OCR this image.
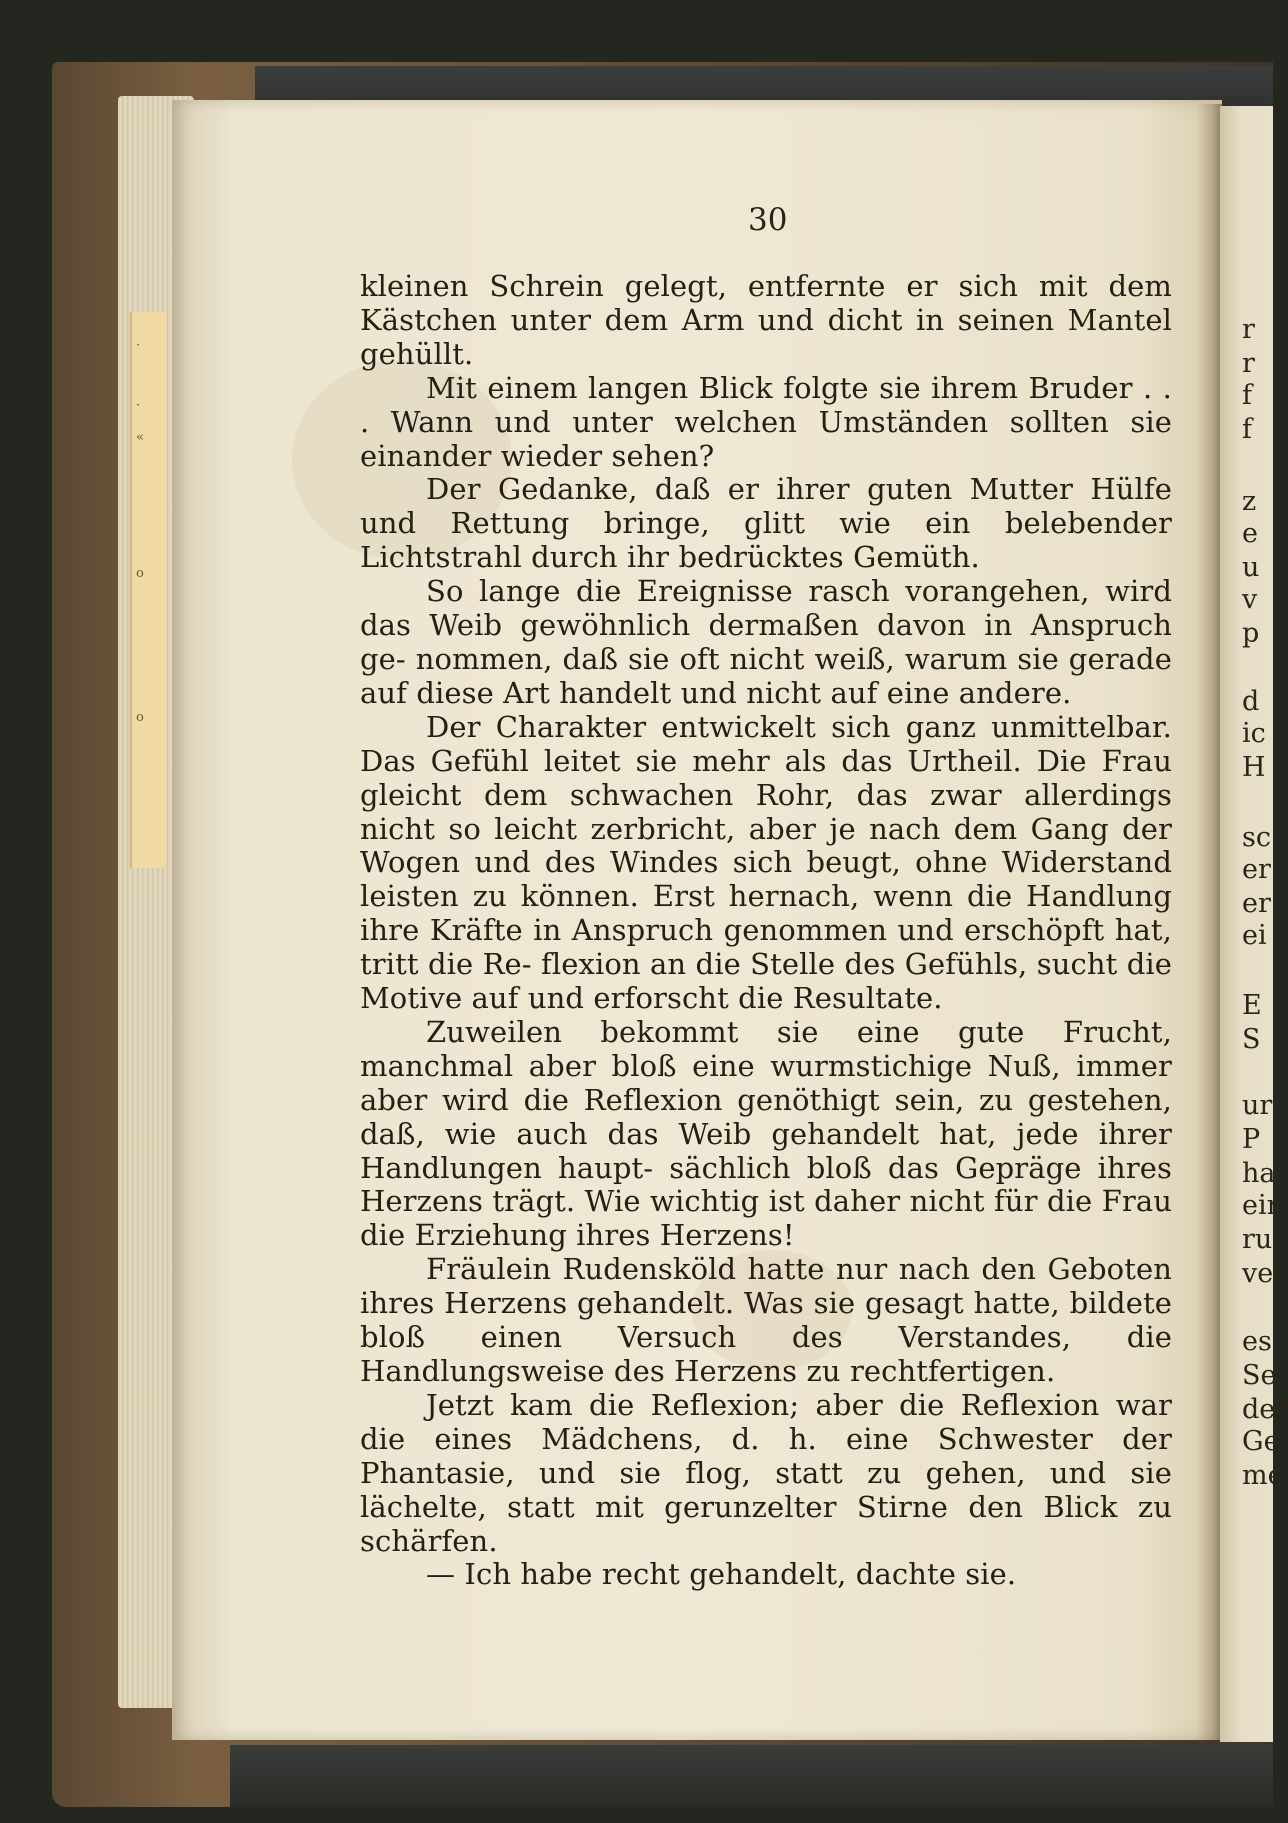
·
·
«
o
o
r
r
f
f
z
e
u
v
p
d
ic
H
sc
er
er
ei
E
S
ur
P
ha
ein
ru
ver
es
Se
der
Ge
me
30

kleinen Schrein gelegt, entfernte er sich mit dem Kästchen unter dem Arm und dicht in seinen Mantel gehüllt.

Mit einem langen Blick folgte sie ihrem Bruder . . . Wann und unter welchen Umständen sollten sie einander wieder sehen?

Der Gedanke, daß er ihrer guten Mutter Hülfe und Rettung bringe, glitt wie ein belebender Lichtstrahl durch ihr bedrücktes Gemüth.

So lange die Ereignisse rasch vorangehen, wird das Weib gewöhnlich dermaßen davon in Anspruch ge- nommen, daß sie oft nicht weiß, warum sie gerade auf diese Art handelt und nicht auf eine andere.

Der Charakter entwickelt sich ganz unmittelbar. Das Gefühl leitet sie mehr als das Urtheil. Die Frau gleicht dem schwachen Rohr, das zwar allerdings nicht so leicht zerbricht, aber je nach dem Gang der Wogen und des Windes sich beugt, ohne Widerstand leisten zu können. Erst hernach, wenn die Handlung ihre Kräfte in Anspruch genommen und erschöpft hat, tritt die Re- flexion an die Stelle des Gefühls, sucht die Motive auf und erforscht die Resultate.

Zuweilen bekommt sie eine gute Frucht, manchmal aber bloß eine wurmstichige Nuß, immer aber wird die Reflexion genöthigt sein, zu gestehen, daß, wie auch das Weib gehandelt hat, jede ihrer Handlungen haupt- sächlich bloß das Gepräge ihres Herzens trägt. Wie wichtig ist daher nicht für die Frau die Erziehung ihres Herzens!

Fräulein Rudensköld hatte nur nach den Geboten ihres Herzens gehandelt. Was sie gesagt hatte, bildete bloß einen Versuch des Verstandes, die Handlungsweise des Herzens zu rechtfertigen.

Jetzt kam die Reflexion; aber die Reflexion war die eines Mädchens, d. h. eine Schwester der Phantasie, und sie flog, statt zu gehen, und sie lächelte, statt mit gerunzelter Stirne den Blick zu schärfen.

— Ich habe recht gehandelt, dachte sie.
